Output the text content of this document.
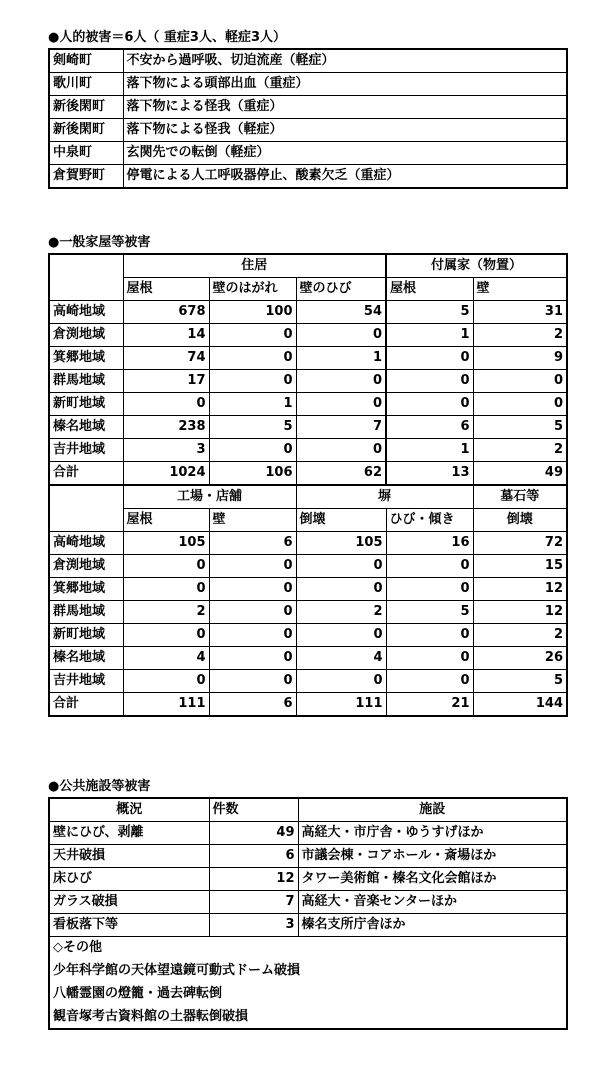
●人的被害＝6人（ 重症3人、軽症3人）
剣崎町	不安から過呼吸、切迫流産（軽症）
歌川町	落下物による頭部出血（重症）
新後閑町	落下物による怪我（重症）
新後閑町	落下物による怪我（軽症）
中泉町	玄関先での転倒（軽症）
倉賀野町	停電による人工呼吸器停止、酸素欠乏（重症）
●一般家屋等被害
	住居			付属家（物置）	
	屋根	壁のはがれ	壁のひび	屋根	壁
高崎地域	678	100	54	5	31
倉渕地域	14	0	0	1	2
箕郷地域	74	0	1	0	9
群馬地域	17	0	0	0	0
新町地域	0	1	0	0	0
榛名地域	238	5	7	6	5
吉井地域	3	0	0	1	2
合計	1024	106	62	13	49
	工場・店舗		塀		墓石等
	屋根	壁	倒壊	ひび・傾き	倒壊
高崎地域	105	6	105	16	72
倉渕地域	0	0	0	0	15
箕郷地域	0	0	0	0	12
群馬地域	2	0	2	5	12
新町地域	0	0	0	0	2
榛名地域	4	0	4	0	26
吉井地域	0	0	0	0	5
合計	111	6	111	21	144
●公共施設等被害
概況	件数	施設
壁にひび、剥離	49	高経大・市庁舎・ゆうすげほか
天井破損	6	市議会棟・コアホール・斎場ほか
床ひび	12	タワー美術館・榛名文化会館ほか
ガラス破損	7	高経大・音楽センターほか
看板落下等	3	榛名支所庁舎ほか
◇その他		
少年科学館の天体望遠鏡可動式ドーム破損		
八幡霊園の燈籠・過去碑転倒		
観音塚考古資料館の土器転倒破損		
